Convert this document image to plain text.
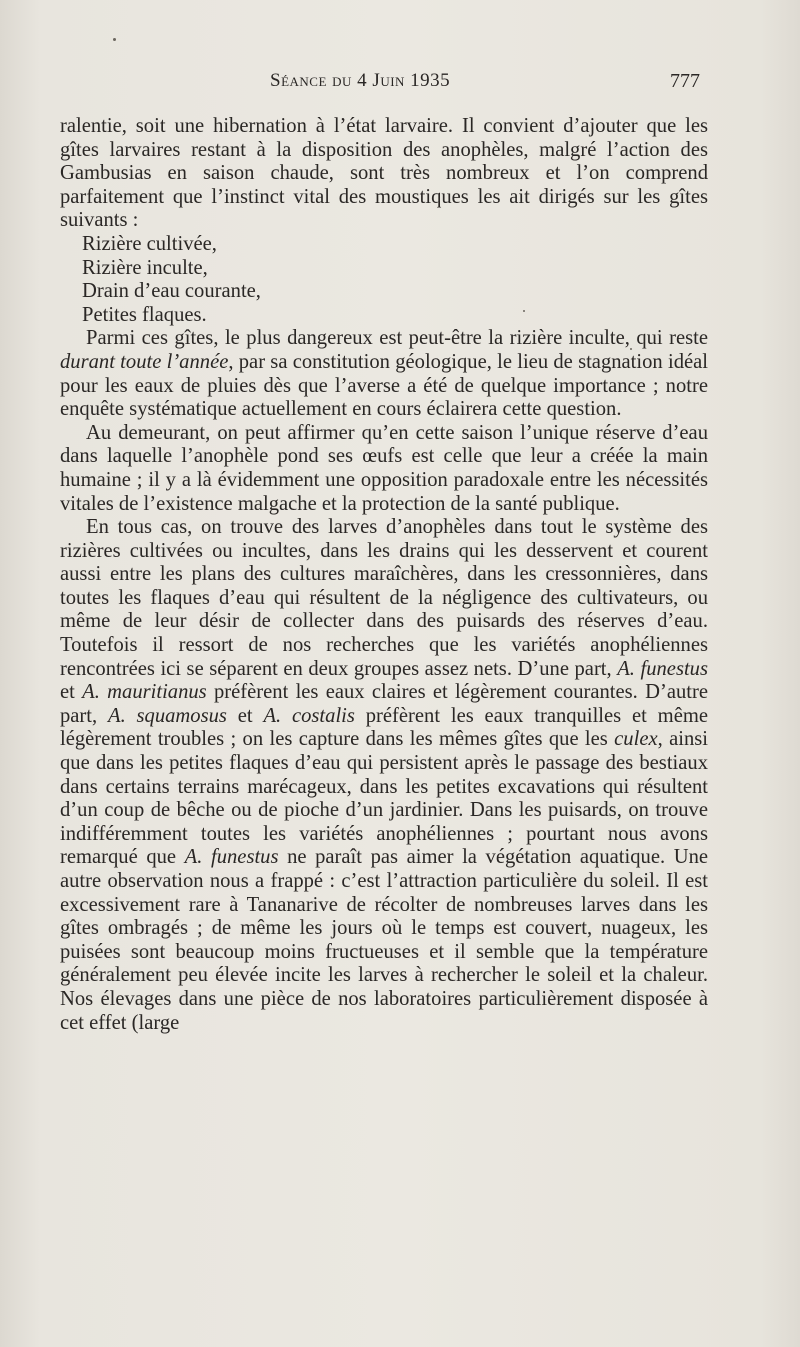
Séance du 4 Juin 1935	777

ralentie, soit une hibernation à l’état larvaire. Il convient d’ajouter que les gîtes larvaires restant à la disposition des anophèles, malgré l’action des Gambusias en saison chaude, sont très nombreux et l’on comprend parfaitement que l’instinct vital des moustiques les ait dirigés sur les gîtes suivants :

Rizière cultivée,

Rizière inculte,

Drain d’eau courante,

Petites flaques.

Parmi ces gîtes, le plus dangereux est peut-être la rizière inculte, qui reste durant toute l’année, par sa constitution géologique, le lieu de stagnation idéal pour les eaux de pluies dès que l’averse a été de quelque importance ; notre enquête systématique actuellement en cours éclairera cette question.

Au demeurant, on peut affirmer qu’en cette saison l’unique réserve d’eau dans laquelle l’anophèle pond ses œufs est celle que leur a créée la main humaine ; il y a là évidemment une opposition paradoxale entre les nécessités vitales de l’existence malgache et la protection de la santé publique.

En tous cas, on trouve des larves d’anophèles dans tout le système des rizières cultivées ou incultes, dans les drains qui les desservent et courent aussi entre les plans des cultures maraîchères, dans les cressonnières, dans toutes les flaques d’eau qui résultent de la négligence des cultivateurs, ou même de leur désir de collecter dans des puisards des réserves d’eau. Toutefois il ressort de nos recherches que les variétés anophéliennes rencontrées ici se séparent en deux groupes assez nets. D’une part, A. funestus et A. mauritianus préfèrent les eaux claires et légèrement courantes. D’autre part, A. squamosus et A. costalis préfèrent les eaux tranquilles et même légèrement troubles ; on les capture dans les mêmes gîtes que les culex, ainsi que dans les petites flaques d’eau qui persistent après le passage des bestiaux dans certains terrains marécageux, dans les petites excavations qui résultent d’un coup de bêche ou de pioche d’un jardinier. Dans les puisards, on trouve indifféremment toutes les variétés anophéliennes ; pourtant nous avons remarqué que A. funestus ne paraît pas aimer la végétation aquatique. Une autre observation nous a frappé : c’est l’attraction particulière du soleil. Il est excessivement rare à Tananarive de récolter de nombreuses larves dans les gîtes ombragés ; de même les jours où le temps est couvert, nuageux, les puisées sont beaucoup moins fructueuses et il semble que la température généralement peu élevée incite les larves à rechercher le soleil et la chaleur. Nos élevages dans une pièce de nos laboratoires particulièrement disposée à cet effet (large
